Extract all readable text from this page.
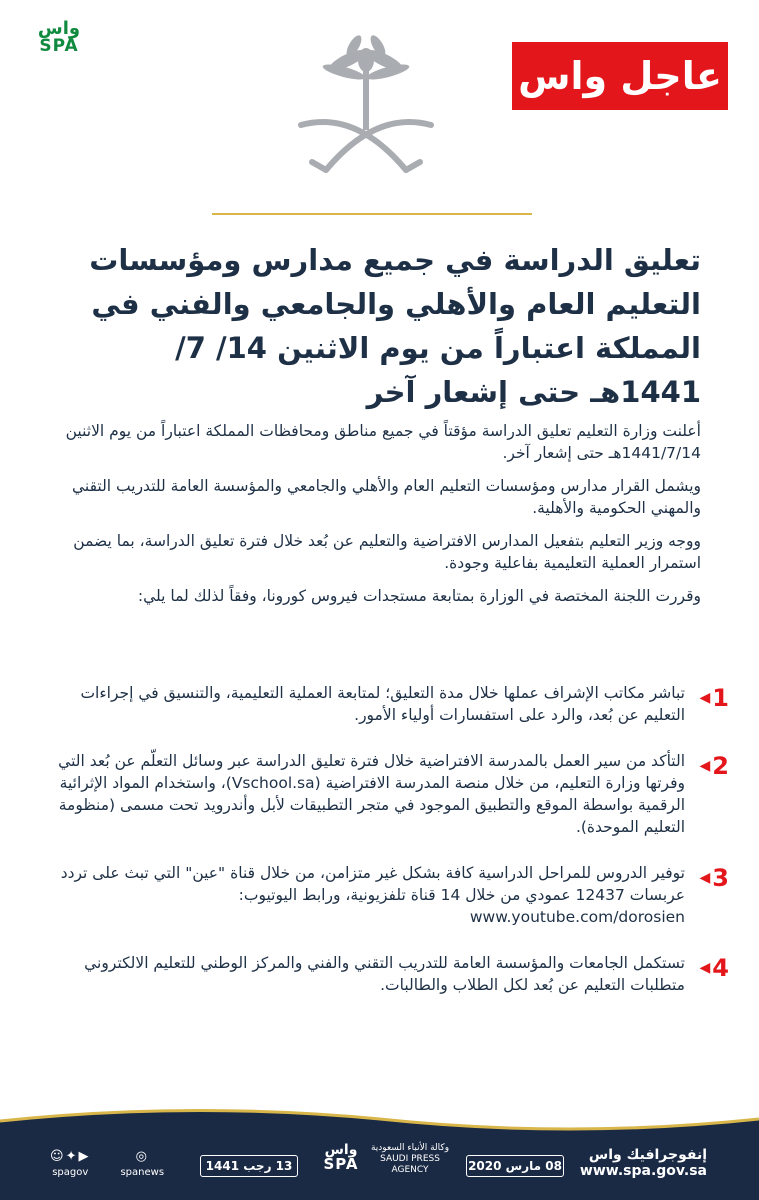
واس
SPA
عاجل واس
تعليق الدراسة في جميع مدارس ومؤسسات التعليم العام والأهلي والجامعي والفني في المملكة اعتباراً من يوم الاثنين 14/ 7/ 1441هـ حتى إشعار آخر

أعلنت وزارة التعليم تعليق الدراسة مؤقتاً في جميع مناطق ومحافظات المملكة اعتباراً من يوم الاثنين 1441/7/14هـ حتى إشعار آخر.

ويشمل القرار مدارس ومؤسسات التعليم العام والأهلي والجامعي والمؤسسة العامة للتدريب التقني والمهني الحكومية والأهلية.

ووجه وزير التعليم بتفعيل المدارس الافتراضية والتعليم عن بُعد خلال فترة تعليق الدراسة، بما يضمن استمرار العملية التعليمية بفاعلية وجودة.

وقررت اللجنة المختصة في الوزارة بمتابعة مستجدات فيروس كورونا، وفقاً لذلك لما يلي:

1
◀
تباشر مكاتب الإشراف عملها خلال مدة التعليق؛ لمتابعة العملية التعليمية، والتنسيق في إجراءات التعليم عن بُعد، والرد على استفسارات أولياء الأمور.
2
◀
التأكد من سير العمل بالمدرسة الافتراضية خلال فترة تعليق الدراسة عبر وسائل التعلّم عن بُعد التي وفرتها وزارة التعليم، من خلال منصة المدرسة الافتراضية (Vschool.sa)، واستخدام المواد الإثرائية الرقمية بواسطة الموقع والتطبيق الموجود في متجر التطبيقات لأبل وأندرويد تحت مسمى (منظومة التعليم الموحدة).
3
◀
توفير الدروس للمراحل الدراسية كافة بشكل غير متزامن، من خلال قناة "عين" التي تبث على تردد عربسات 12437 عمودي من خلال 14 قناة تلفزيونية، ورابط اليوتيوب: www.youtube.com/dorosien
4
◀
تستكمل الجامعات والمؤسسة العامة للتدريب التقني والفني والمركز الوطني للتعليم الالكتروني متطلبات التعليم عن بُعد لكل الطلاب والطالبات.
☺✦▶
spagov
◎
spanews	13 رجب 1441
واس
SPA
وكالة الأنباء السعودية
SAUDI PRESS
AGENCY	08 مارس 2020
إنفوجرافيك واس
www.spa.gov.sa
